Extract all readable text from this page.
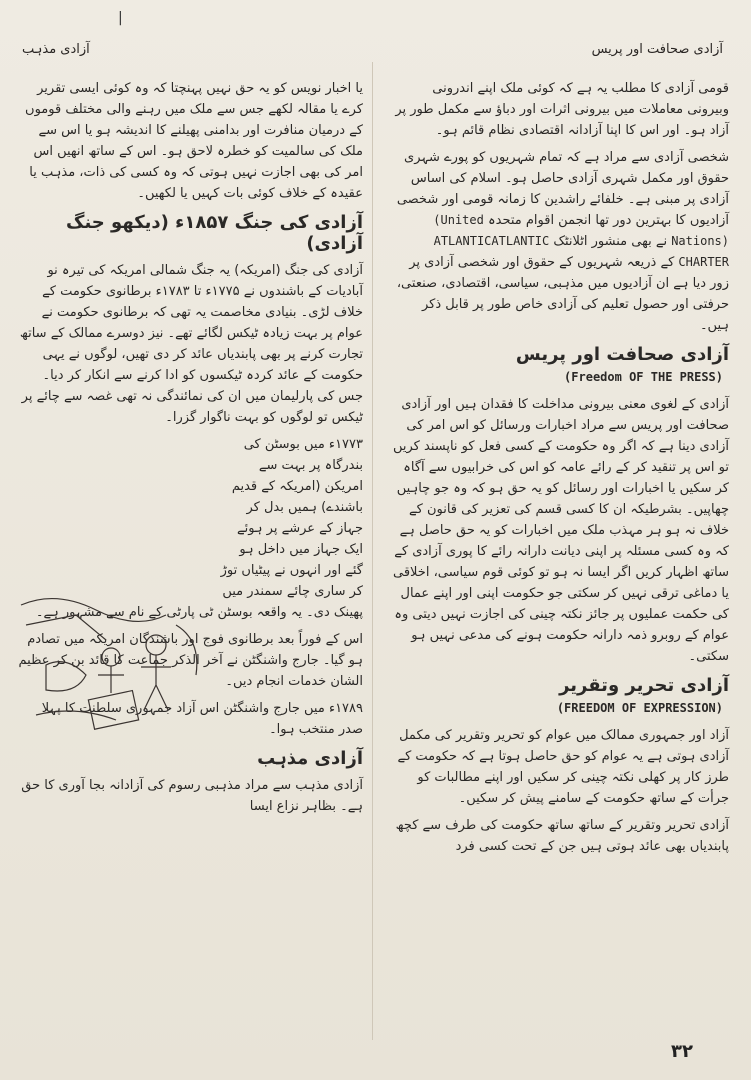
|
آزادی مذہب	آزادی صحافت اور پریس

قومی آزادی کا مطلب یہ ہے کہ کوئی ملک اپنے اندرونی وبیرونی معاملات میں بیرونی اثرات اور دباؤ سے مکمل طور پر آزاد ہو۔ اور اس کا اپنا آزادانہ اقتصادی نظام قائم ہو۔

شخصی آزادی سے مراد ہے کہ تمام شہریوں کو پورے شہری حقوق اور مکمل شہری آزادی حاصل ہو۔ اسلام کی اساس آزادی پر مبنی ہے۔ خلفائے راشدین کا زمانہ قومی اور شخصی آزادیوں کا بہترین دور تھا انجمن اقوام متحدہ (United Nations) نے بھی منشور اٹلانٹک ATLANTICATLANTIC CHARTER کے ذریعہ شہریوں کے حقوق اور شخصی آزادی پر زور دیا ہے ان آزادیوں میں مذہبی، سیاسی، اقتصادی، صنعتی، حرفتی اور حصول تعلیم کی آزادی خاص طور پر قابل ذکر ہیں۔

آزادی صحافت اور پریس (Freedom OF THE PRESS)

آزادی کے لغوی معنی بیرونی مداخلت کا فقدان ہیں اور آزادی صحافت اور پریس سے مراد اخبارات ورسائل کو اس امر کی آزادی دینا ہے کہ اگر وہ حکومت کے کسی فعل کو ناپسند کریں تو اس پر تنقید کر کے رائے عامہ کو اس کی خرابیوں سے آگاہ کر سکیں یا اخبارات اور رسائل کو یہ حق ہو کہ وہ جو چاہیں چھاپیں۔ بشرطیکہ ان کا کسی قسم کی تعزیر کی قانون کے خلاف نہ ہو ہر مہذب ملک میں اخبارات کو یہ حق حاصل ہے کہ وہ کسی مسئلہ پر اپنی دیانت دارانہ رائے کا پوری آزادی کے ساتھ اظہار کریں اگر ایسا نہ ہو تو کوئی قوم سیاسی، اخلاقی یا دماغی ترقی نہیں کر سکتی جو حکومت اپنی اور اپنے عمال کی حکمت عملیوں پر جائز نکتہ چینی کی اجازت نہیں دیتی وہ عوام کے روبرو ذمہ دارانہ حکومت ہونے کی مدعی نہیں ہو سکتی۔

آزادی تحریر وتقریر (FREEDOM OF EXPRESSION)

آزاد اور جمہوری ممالک میں عوام کو تحریر وتقریر کی مکمل آزادی ہوتی ہے یہ عوام کو حق حاصل ہوتا ہے کہ حکومت کے طرز کار پر کھلی نکتہ چینی کر سکیں اور اپنے مطالبات کو جرأت کے ساتھ حکومت کے سامنے پیش کر سکیں۔

آزادی تحریر وتقریر کے ساتھ ساتھ حکومت کی طرف سے کچھ پابندیاں بھی عائد ہوتی ہیں جن کے تحت کسی فرد

یا اخبار نویس کو یہ حق نہیں پہنچتا کہ وہ کوئی ایسی تقریر کرے یا مقالہ لکھے جس سے ملک میں رہنے والی مختلف قوموں کے درمیان منافرت اور بدامنی پھیلنے کا اندیشہ ہو یا اس سے ملک کی سالمیت کو خطرہ لاحق ہو۔ اس کے ساتھ انھیں اس امر کی بھی اجازت نہیں ہوتی کہ وہ کسی کی ذات، مذہب یا عقیدہ کے خلاف کوئی بات کہیں یا لکھیں۔

آزادی کی جنگ ۱۸۵۷ء (دیکھو جنگ آزادی)

آزادی کی جنگ (امریکہ) یہ جنگ شمالی امریکہ کی تیرہ نو آبادیات کے باشندوں نے ۱۷۷۵ء تا ۱۷۸۳ء برطانوی حکومت کے خلاف لڑی۔ بنیادی مخاصمت یہ تھی کہ برطانوی حکومت نے عوام پر بہت زیادہ ٹیکس لگائے تھے۔ نیز دوسرے ممالک کے ساتھ تجارت کرنے پر بھی پابندیاں عائد کر دی تھیں، لوگوں نے یہی حکومت کے عائد کردہ ٹیکسوں کو ادا کرنے سے انکار کر دیا۔ جس کی پارلیمان میں ان کی نمائندگی نہ تھی غصہ سے چائے پر ٹیکس تو لوگوں کو بہت ناگوار گزرا۔

۱۷۷۳ء میں بوسٹن کی بندرگاہ پر بہت سے امریکن (امریکہ کے قدیم باشندے) ہمیں بدل کر جہاز کے عرشے پر ہوئے ایک جہاز میں داخل ہو گئے اور انہوں نے پیٹیاں توڑ کر ساری چائے سمندر میں پھینک دی۔ یہ واقعہ بوسٹن ٹی پارٹی کے نام سے مشہور ہے۔

اس کے فوراً بعد برطانوی فوج اور باشندگان امریکہ میں تصادم ہو گیا۔ جارج واشنگٹن نے آخر الذکر جماعت کا قائد بن کر عظیم الشان خدمات انجام دیں۔

۱۷۸۹ء میں جارج واشنگٹن اس آزاد جمہوری سلطنت کا پہلا صدر منتخب ہوا۔

آزادی مذہب

آزادی مذہب سے مراد مذہبی رسوم کی آزادانہ بجا آوری کا حق ہے۔ بظاہر نزاع ایسا

۳۲
